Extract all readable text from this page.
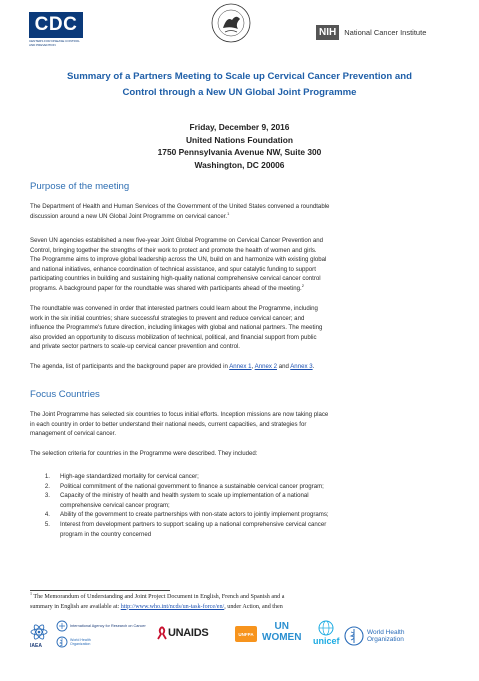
CDC
CENTERS FOR DISEASE CONTROL AND PREVENTION
NIH	National Cancer Institute
Summary of a Partners Meeting to Scale up Cervical Cancer Prevention and
Control through a New UN Global Joint Programme
Friday, December 9, 2016
United Nations Foundation
1750 Pennsylvania Avenue NW, Suite 300
Washington, DC 20006
Purpose of the meeting
The Department of Health and Human Services of the Government of the United States convened a roundtable
discussion around a new UN Global Joint Programme on cervical cancer.$^1$
Seven UN agencies established a new five-year Joint Global Programme on Cervical Cancer Prevention and
Control, bringing together the strengths of their work to protect and promote the health of women and girls.
The Programme aims to improve global leadership across the UN, build on and harmonize with existing global
and national initiatives, enhance coordination of technical assistance, and spur catalytic funding to support
participating countries in building and sustaining high-quality national comprehensive cervical cancer control
programs. A background paper for the roundtable was shared with participants ahead of the meeting.$^2$
The roundtable was convened in order that interested partners could learn about the Programme, including
work in the six initial countries; share successful strategies to prevent and reduce cervical cancer; and
influence the Programme's future direction, including linkages with global and national partners. The meeting
also provided an opportunity to discuss mobilization of technical, political, and financial support from public
and private sector partners to scale-up cervical cancer prevention and control.
The agenda, list of participants and the background paper are provided in Annex 1, Annex 2 and Annex 3.
Focus Countries
The Joint Programme has selected six countries to focus initial efforts. Inception missions are now taking place
in each country in order to better understand their national needs, current capacities, and strategies for
management of cervical cancer.
The selection criteria for countries in the Programme were described. They included:
1.	High-age standardized mortality for cervical cancer;
2.	Political commitment of the national government to finance a sustainable cervical cancer program;
3.	Capacity of the ministry of health and health system to scale up implementation of a national
comprehensive cervical cancer program;
4.	Ability of the government to create partnerships with non-state actors to jointly implement programs;
5.	Interest from development partners to support scaling up a national comprehensive cervical cancer
program in the country concerned
$^1$ The Memorandum of Understanding and Joint Project Document in English, French and Spanish and a
summary in English are available at: http://www.who.int/ncds/un-task-force/en/, under Action, and then
IAEA
International Agency for Research on Cancer
World Health Organization
UNAIDS	UNFPA
UN
WOMEN unicef
World Health Organization
